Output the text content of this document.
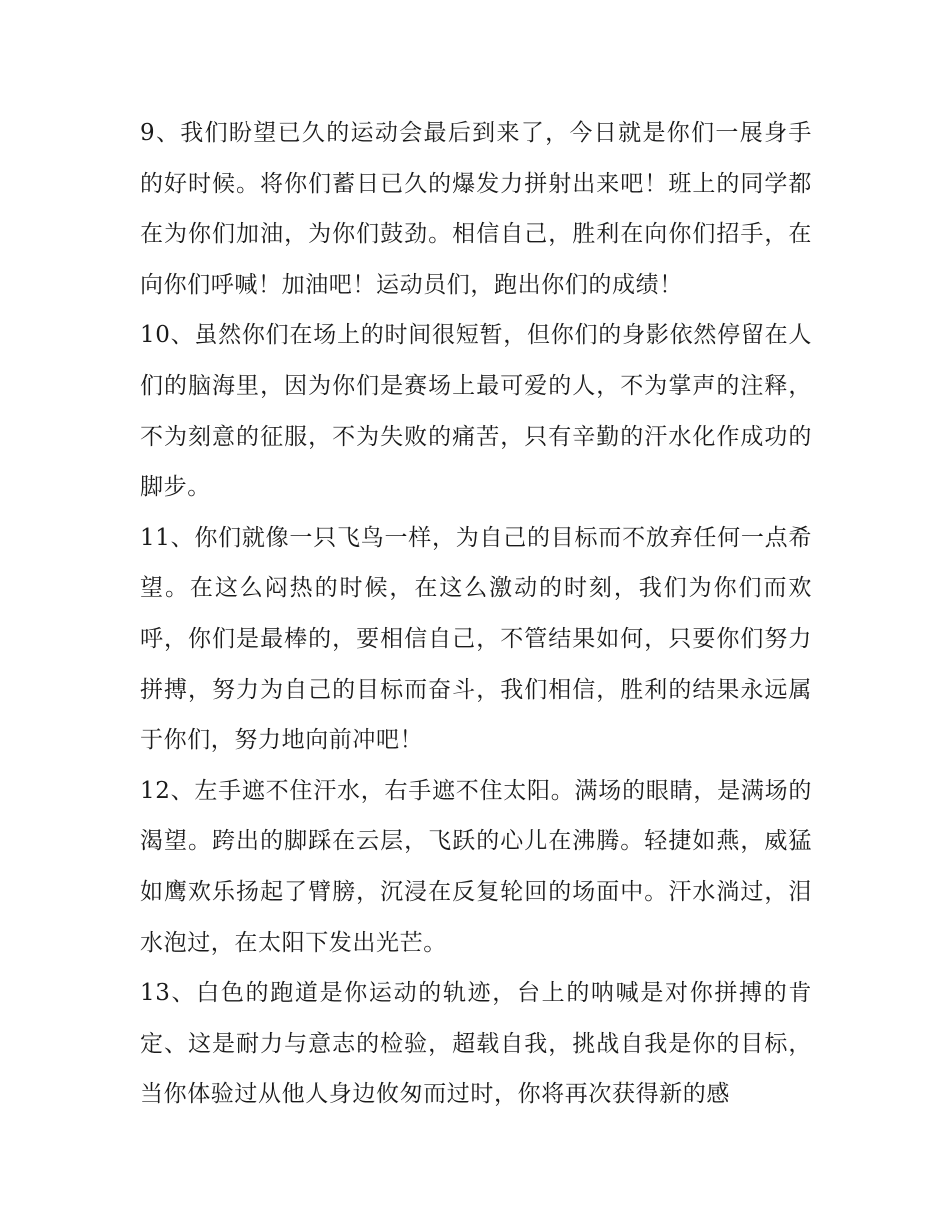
9、我们盼望已久的运动会最后到来了，今日就是你们一展身手的好时候。将你们蓄日已久的爆发力拼射出来吧！班上的同学都在为你们加油，为你们鼓劲。相信自己，胜利在向你们招手，在向你们呼喊！加油吧！运动员们，跑出你们的成绩！

10、虽然你们在场上的时间很短暂，但你们的身影依然停留在人们的脑海里，因为你们是赛场上最可爱的人，不为掌声的注释，不为刻意的征服，不为失败的痛苦，只有辛勤的汗水化作成功的脚步。

11、你们就像一只飞鸟一样，为自己的目标而不放弃任何一点希望。在这么闷热的时候，在这么激动的时刻，我们为你们而欢呼，你们是最棒的，要相信自己，不管结果如何，只要你们努力拼搏，努力为自己的目标而奋斗，我们相信，胜利的结果永远属于你们，努力地向前冲吧！

12、左手遮不住汗水，右手遮不住太阳。满场的眼睛，是满场的渴望。跨出的脚踩在云层，飞跃的心儿在沸腾。轻捷如燕，威猛如鹰欢乐扬起了臂膀，沉浸在反复轮回的场面中。汗水淌过，泪水泡过，在太阳下发出光芒。

13、白色的跑道是你运动的轨迹，台上的呐喊是对你拼搏的肯定、这是耐力与意志的检验，超载自我，挑战自我是你的目标，当你体验过从他人身边攸匆而过时，你将再次获得新的感
